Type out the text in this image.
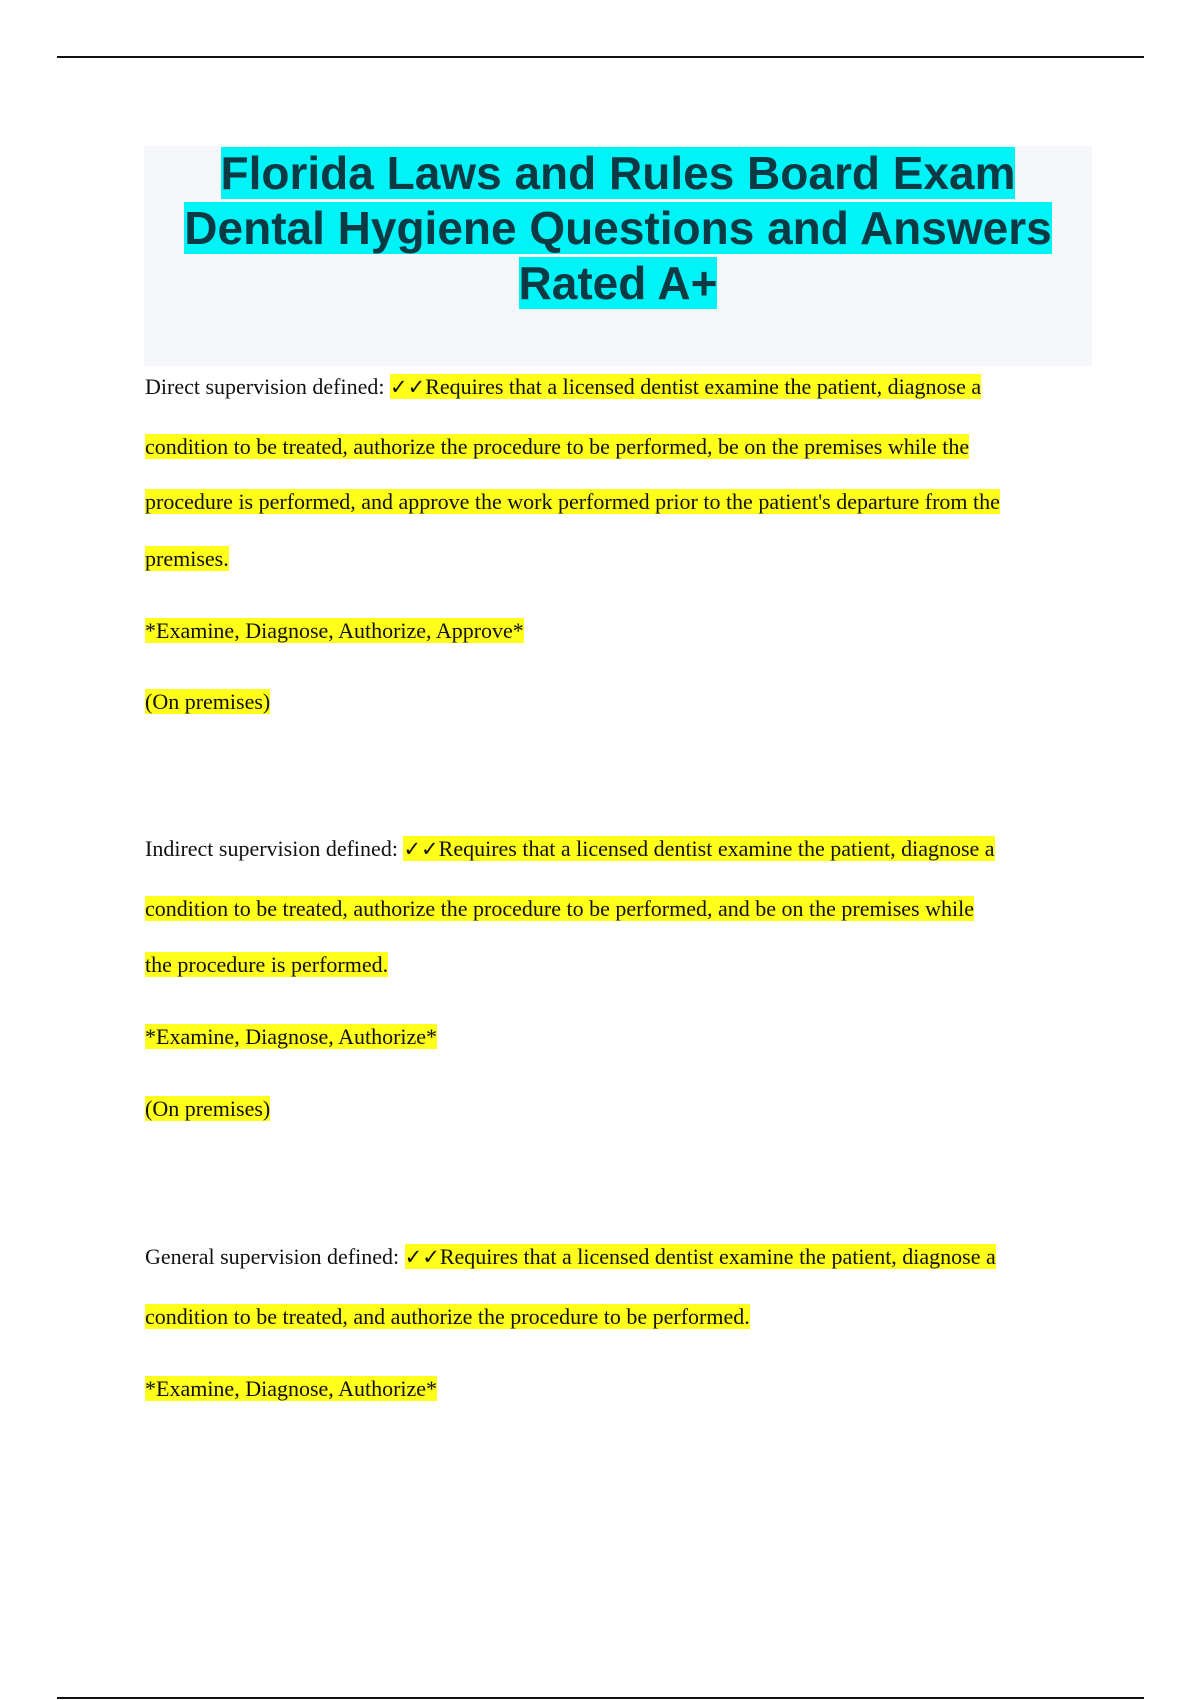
Florida Laws and Rules Board Exam
Dental Hygiene Questions and Answers
Rated A+

Direct supervision defined: ✓✓Requires that a licensed dentist examine the patient, diagnose a

condition to be treated, authorize the procedure to be performed, be on the premises while the

procedure is performed, and approve the work performed prior to the patient's departure from the

premises.

*Examine, Diagnose, Authorize, Approve*

(On premises)

Indirect supervision defined: ✓✓Requires that a licensed dentist examine the patient, diagnose a

condition to be treated, authorize the procedure to be performed, and be on the premises while

the procedure is performed.

*Examine, Diagnose, Authorize*

(On premises)

General supervision defined: ✓✓Requires that a licensed dentist examine the patient, diagnose a

condition to be treated, and authorize the procedure to be performed.

*Examine, Diagnose, Authorize*
